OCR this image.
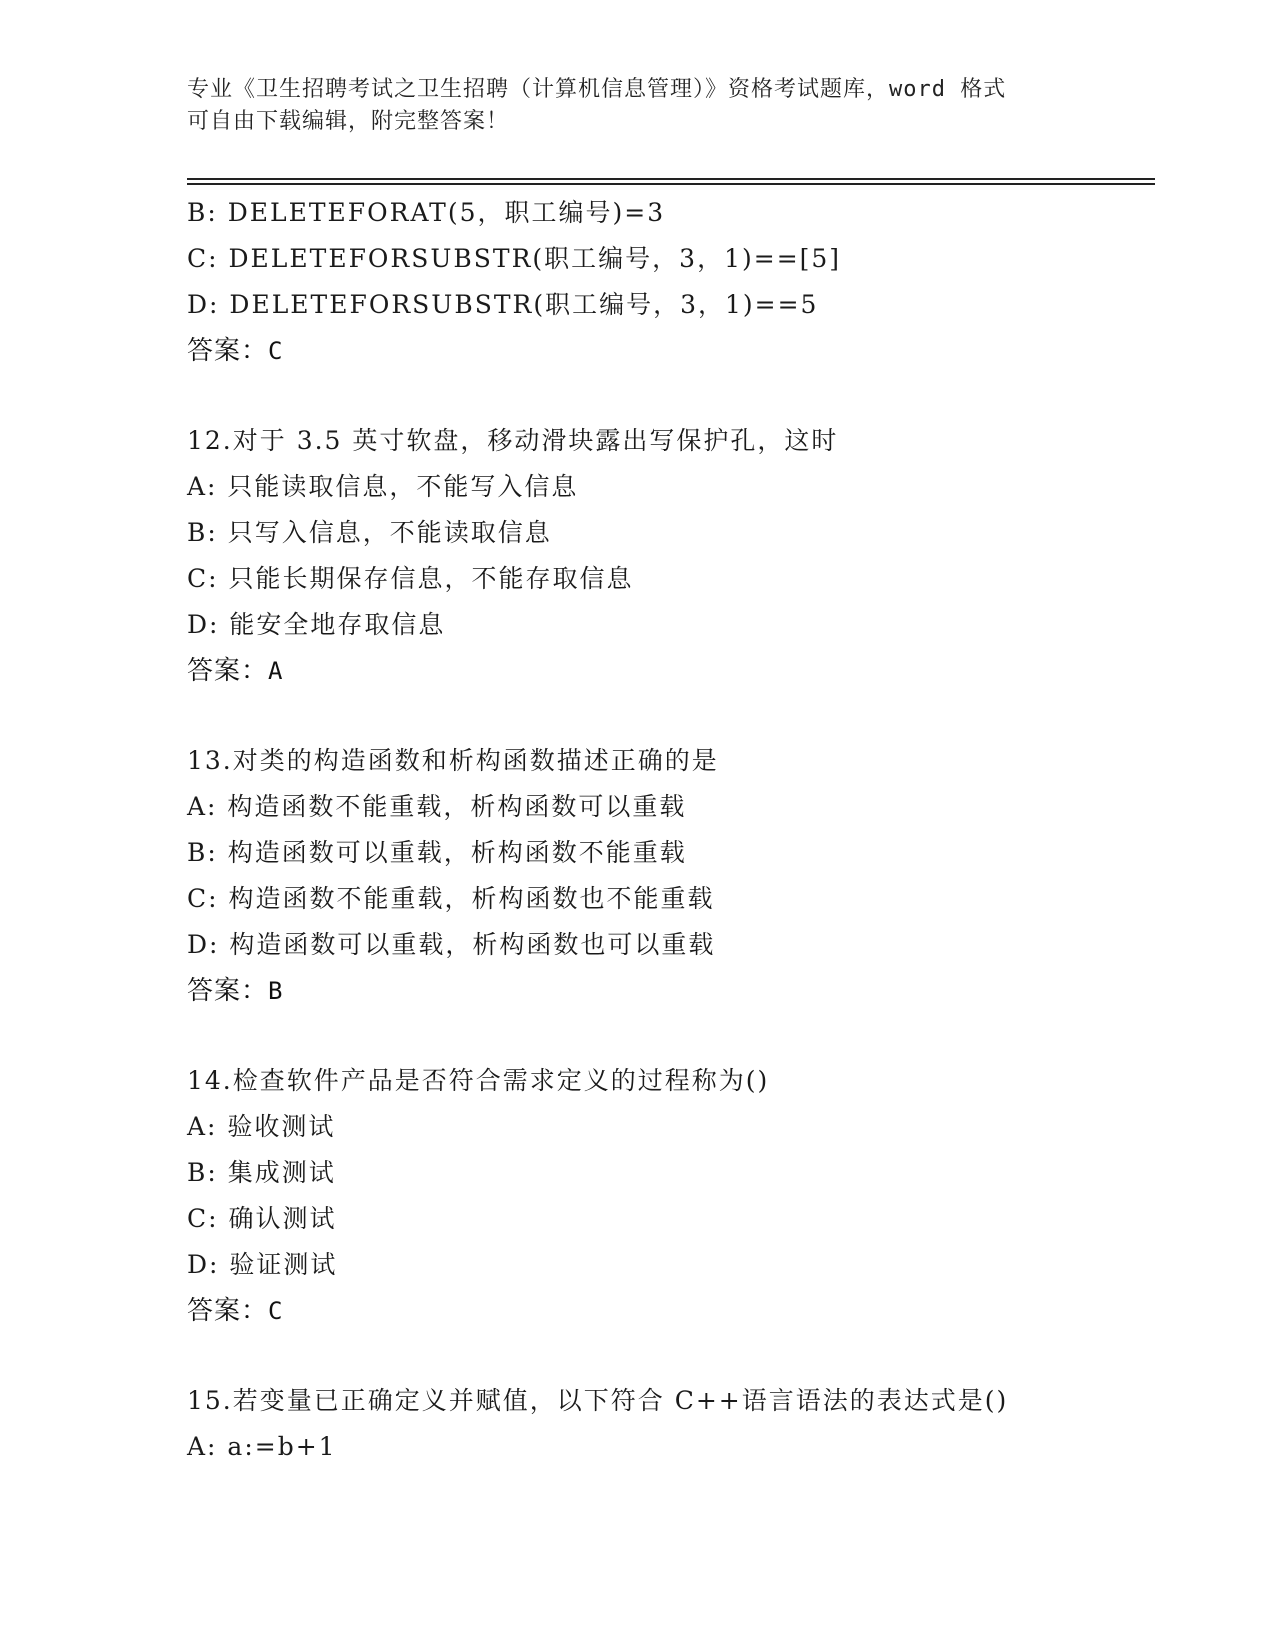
专业《卫生招聘考试之卫生招聘（计算机信息管理）》资格考试题库，word 格式
可自由下载编辑，附完整答案！
B: DELETEFORAT(5，职工编号)=3
C: DELETEFORSUBSTR(职工编号，3，1)==[5]
D: DELETEFORSUBSTR(职工编号，3，1)==5
答案：C
12.对于 3.5 英寸软盘，移动滑块露出写保护孔，这时
A: 只能读取信息，不能写入信息
B: 只写入信息，不能读取信息
C: 只能长期保存信息，不能存取信息
D: 能安全地存取信息
答案：A
13.对类的构造函数和析构函数描述正确的是
A: 构造函数不能重载，析构函数可以重载
B: 构造函数可以重载，析构函数不能重载
C: 构造函数不能重载，析构函数也不能重载
D: 构造函数可以重载，析构函数也可以重载
答案：B
14.检查软件产品是否符合需求定义的过程称为()
A: 验收测试
B: 集成测试
C: 确认测试
D: 验证测试
答案：C
15.若变量已正确定义并赋值，以下符合 C++语言语法的表达式是()
A: a:=b+1
